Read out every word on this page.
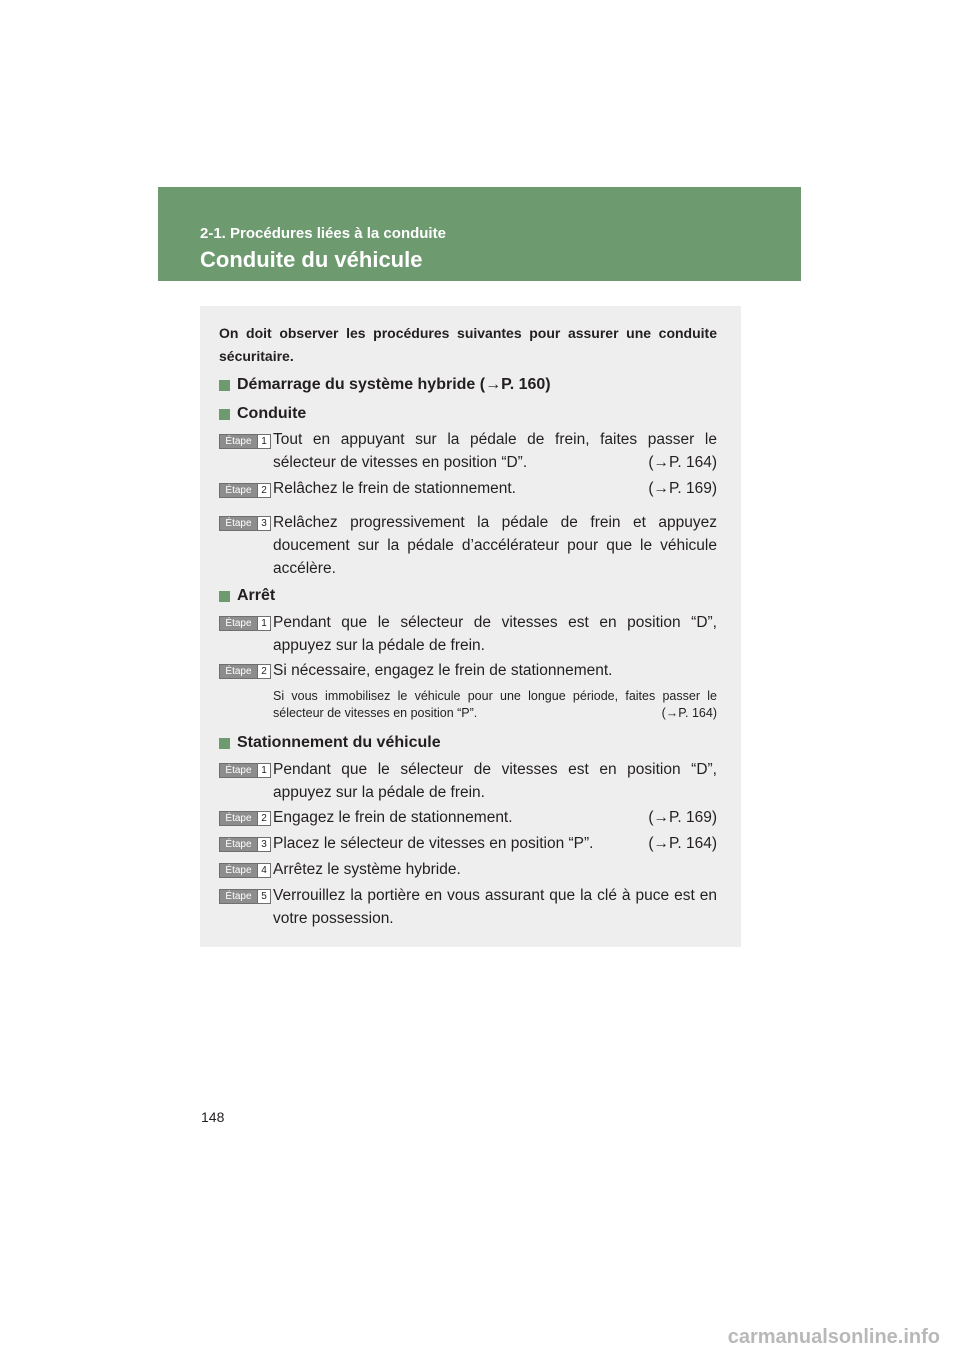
2-1. Procédures liées à la conduite
Conduite du véhicule
On doit observer les procédures suivantes pour assurer une conduite sécuritaire.
Démarrage du système hybride (→P. 160)
Conduite
Étape 1 Tout en appuyant sur la pédale de frein, faites passer le sélecteur de vitesses en position “D”.	(→P. 164)
Étape 2 Relâchez le frein de stationnement.	(→P. 169)
Étape 3 Relâchez progressivement la pédale de frein et appuyez doucement sur la pédale d’accélérateur pour que le véhicule accélère.
Arrêt
Étape 1 Pendant que le sélecteur de vitesses est en position “D”, appuyez sur la pédale de frein.
Étape 2 Si nécessaire, engagez le frein de stationnement.
Si vous immobilisez le véhicule pour une longue période, faites passer le sélecteur de vitesses en position “P”.	(→P. 164)
Stationnement du véhicule
Étape 1 Pendant que le sélecteur de vitesses est en position “D”, appuyez sur la pédale de frein.
Étape 2 Engagez le frein de stationnement.	(→P. 169)
Étape 3 Placez le sélecteur de vitesses en position “P”.	(→P. 164)
Étape 4 Arrêtez le système hybride.
Étape 5 Verrouillez la portière en vous assurant que la clé à puce est en votre possession.
148
carmanualsonline.info
